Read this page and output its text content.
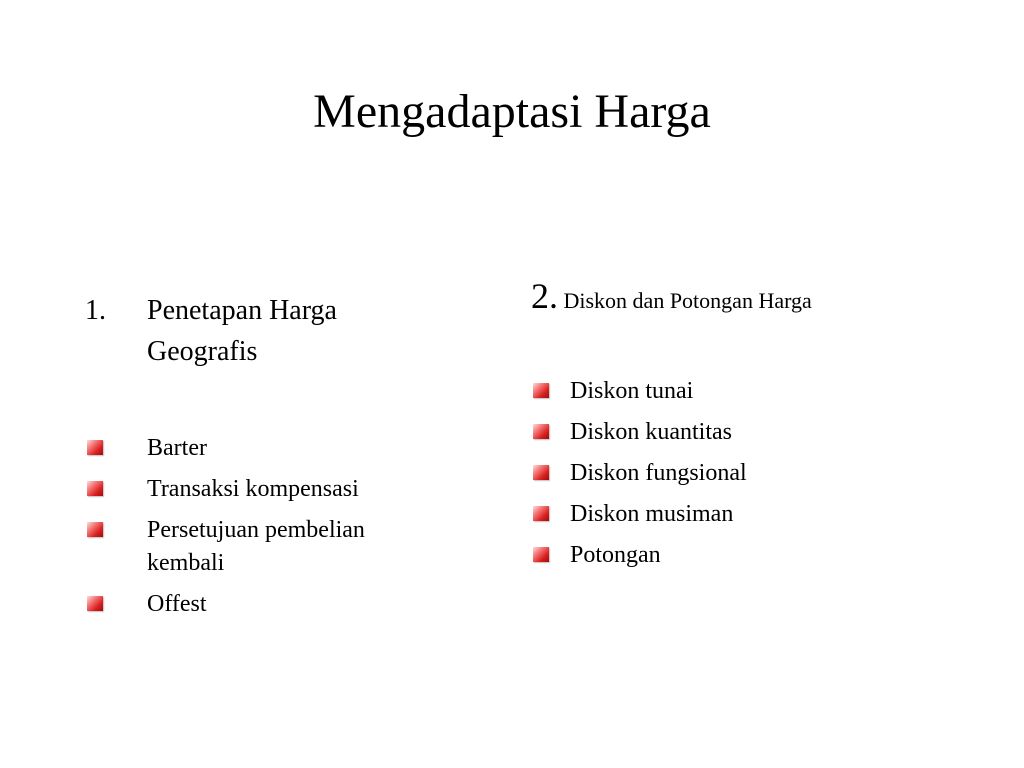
Mengadaptasi Harga
1. Penetapan Harga Geografis
Barter
Transaksi kompensasi
Persetujuan pembelian kembali
Offest
2. Diskon dan Potongan Harga
Diskon tunai
Diskon kuantitas
Diskon fungsional
Diskon musiman
Potongan
